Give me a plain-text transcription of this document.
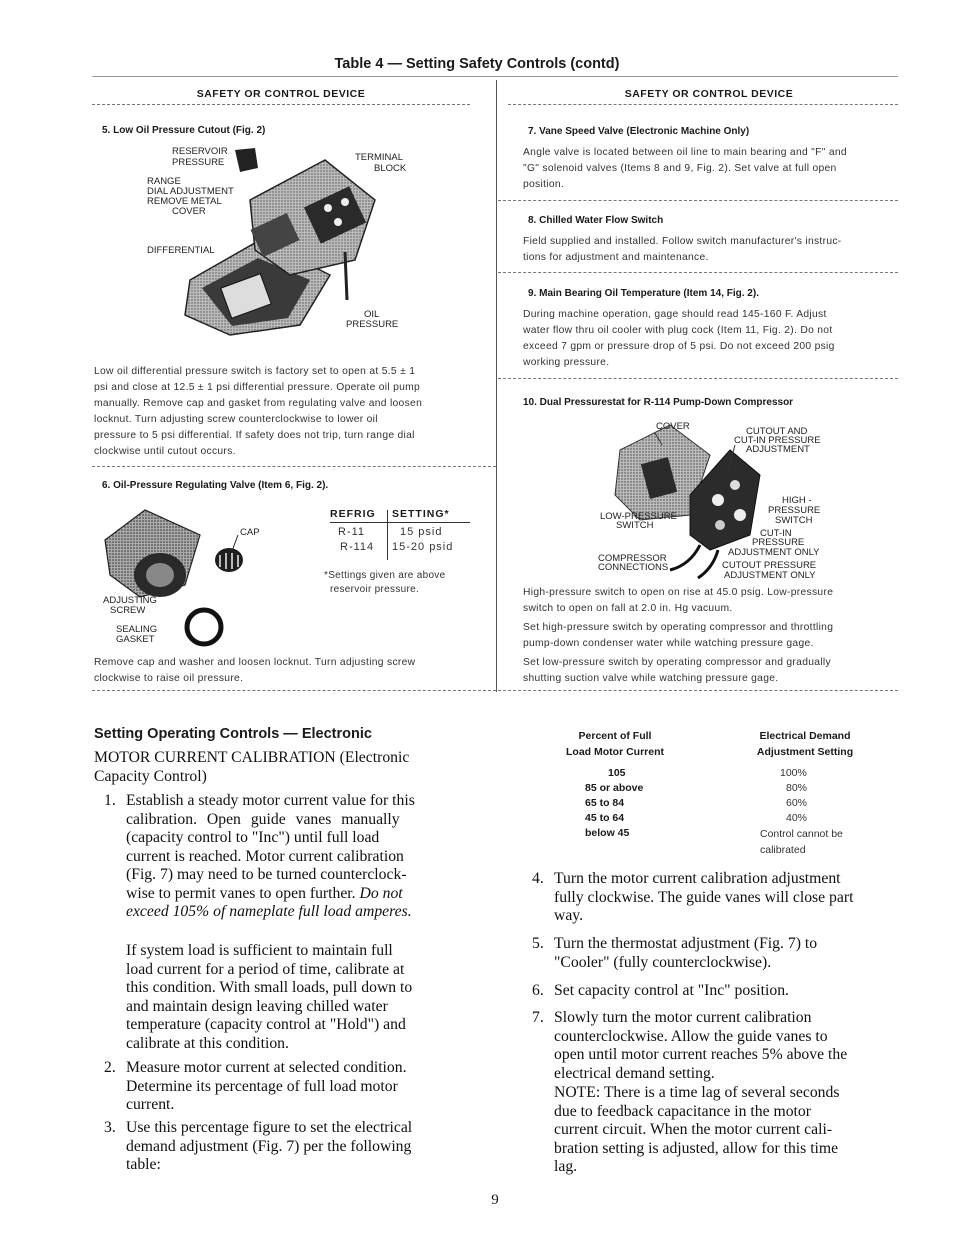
Table 4 — Setting Safety Controls (contd)
SAFETY OR CONTROL DEVICE	SAFETY OR CONTROL DEVICE
5. Low Oil Pressure Cutout (Fig. 2)
RESERVOIR
PRESSURE
RANGE
DIAL ADJUSTMENT
REMOVE METAL
COVER
DIFFERENTIAL
TERMINAL
BLOCK
OIL
PRESSURE
Low oil differential pressure switch is factory set to open at 5.5 ± 1
psi and close at 12.5 ± 1 psi differential pressure. Operate oil pump
manually. Remove cap and gasket from regulating valve and loosen
locknut. Turn adjusting screw counterclockwise to lower oil
pressure to 5 psi differential. If safety does not trip, turn range dial
clockwise until cutout occurs.
6. Oil-Pressure Regulating Valve (Item 6, Fig. 2).
CAP
ADJUSTING
SCREW
SEALING
GASKET
REFRIG SETTING*
R-11	15 psid
R-114 15-20 psid
*Settings given are above
reservoir pressure.
Remove cap and washer and loosen locknut. Turn adjusting screw
clockwise to raise oil pressure.
7. Vane Speed Valve (Electronic Machine Only)
Angle valve is located between oil line to main bearing and "F" and
"G" solenoid valves (Items 8 and 9, Fig. 2). Set valve at full open
position.
8. Chilled Water Flow Switch
Field supplied and installed. Follow switch manufacturer's instruc-
tions for adjustment and maintenance.
9. Main Bearing Oil Temperature (Item 14, Fig. 2).
During machine operation, gage should read 145-160 F. Adjust
water flow thru oil cooler with plug cock (Item 11, Fig. 2). Do not
exceed 7 gpm or pressure drop of 5 psi. Do not exceed 200 psig
working pressure.
10. Dual Pressurestat for R-114 Pump-Down Compressor
COVER	CUTOUT AND
CUT-IN PRESSURE
ADJUSTMENT
HIGH -
PRESSURE
SWITCH
LOW-PRESSURE
SWITCH
CUT-IN
PRESSURE
ADJUSTMENT ONLY
COMPRESSOR
CONNECTIONS	CUTOUT PRESSURE
ADJUSTMENT ONLY
High-pressure switch to open on rise at 45.0 psig. Low-pressure
switch to open on fall at 2.0 in. Hg vacuum.
Set high-pressure switch by operating compressor and throttling
pump-down condenser water while watching pressure gage.
Set low-pressure switch by operating compressor and gradually
shutting suction valve while watching pressure gage.
Setting Operating Controls — Electronic
MOTOR CURRENT CALIBRATION (Electronic
Capacity Control)
1. Establish a steady motor current value for this
calibration. Open guide vanes manually
(capacity control to "Inc") until full load
current is reached. Motor current calibration
(Fig. 7) may need to be turned counterclock-
wise to permit vanes to open further. Do not
exceed 105% of nameplate full load amperes.
If system load is sufficient to maintain full
load current for a period of time, calibrate at
this condition. With small loads, pull down to
and maintain design leaving chilled water
temperature (capacity control at "Hold") and
calibrate at this condition.
2. Measure motor current at selected condition.
Determine its percentage of full load motor
current.
3. Use this percentage figure to set the electrical
demand adjustment (Fig. 7) per the following
table:
Percent of Full
Load Motor Current
Electrical Demand
Adjustment Setting
105	100%
85 or above	80%
65 to 84	60%
45 to 64	40%
below 45	Control cannot be
calibrated
4. Turn the motor current calibration adjustment
fully clockwise. The guide vanes will close part
way.
5. Turn the thermostat adjustment (Fig. 7) to
"Cooler" (fully counterclockwise).
6. Set capacity control at "Inc" position.
7. Slowly turn the motor current calibration
counterclockwise. Allow the guide vanes to
open until motor current reaches 5% above the
electrical demand setting.
NOTE: There is a time lag of several seconds
due to feedback capacitance in the motor
current circuit. When the motor current cali-
bration setting is adjusted, allow for this time
lag.
9
